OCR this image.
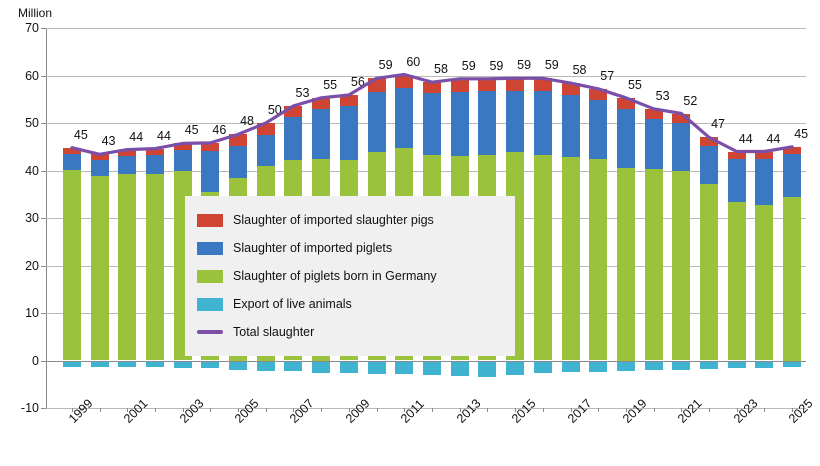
Million
-10
0
10
20
30
40
50
60
70
45	43	44	44	45	46
48
50
53
55	56
59	60
58	59	59	59	59	58	57
55
53	52
47
44	44	45
1999 2001 2003 2005 2007 2009 2011 2013 2015 2017 2019 2021 2023 2025
Slaughter of imported slaughter pigs
Slaughter of imported piglets
Slaughter of piglets born in Germany
Export of live animals
Total slaughter
